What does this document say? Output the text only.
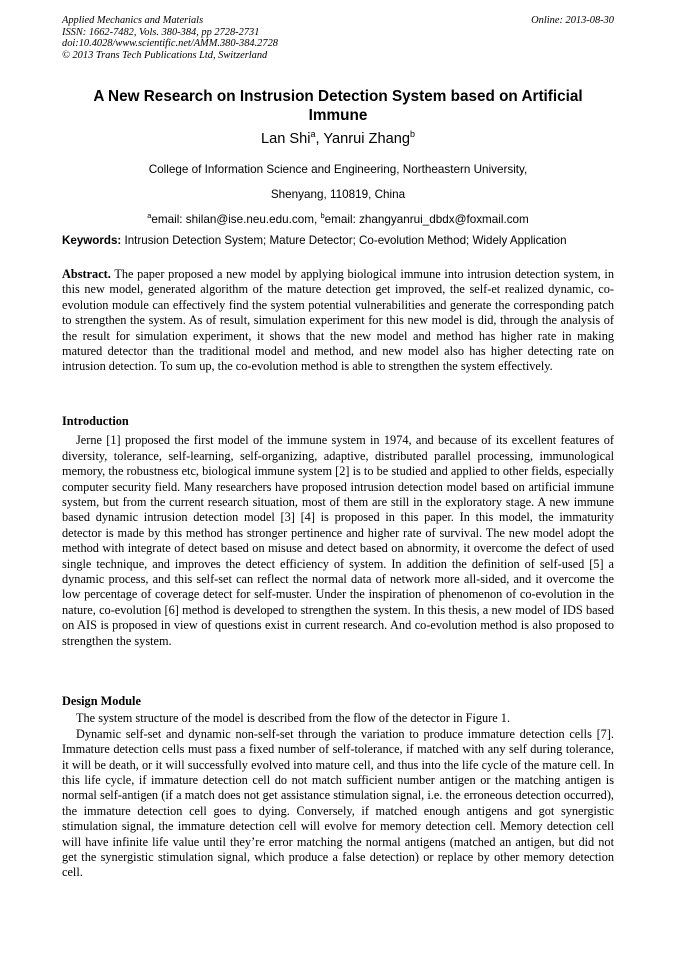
Applied Mechanics and Materials
ISSN: 1662-7482, Vols. 380-384, pp 2728-2731
doi:10.4028/www.scientific.net/AMM.380-384.2728
© 2013 Trans Tech Publications Ltd, Switzerland
Online: 2013-08-30
A New Research on Instrusion Detection System based on Artificial Immune
Lan Shi$^a$, Yanrui Zhang$^b$
College of Information Science and Engineering, Northeastern University,
Shenyang, 110819, China
$^a$email: shilan@ise.neu.edu.com, $^b$email: zhangyanrui_dbdx@foxmail.com
Keywords: Intrusion Detection System; Mature Detector; Co-evolution Method; Widely Application

Abstract. The paper proposed a new model by applying biological immune into intrusion detection system, in this new model, generated algorithm of the mature detection get improved, the self-et realized dynamic, co-evolution module can effectively find the system potential vulnerabilities and generate the corresponding patch to strengthen the system. As of result, simulation experiment for this new model is did, through the analysis of the result for simulation experiment, it shows that the new model and method has higher rate in making matured detector than the traditional model and method, and new model also has higher detecting rate on intrusion detection. To sum up, the co-evolution method is able to strengthen the system effectively.

Introduction

Jerne [1] proposed the first model of the immune system in 1974, and because of its excellent features of diversity, tolerance, self-learning, self-organizing, adaptive, distributed parallel processing, immunological memory, the robustness etc, biological immune system [2] is to be studied and applied to other fields, especially computer security field. Many researchers have proposed intrusion detection model based on artificial immune system, but from the current research situation, most of them are still in the exploratory stage. A new immune based dynamic intrusion detection model [3] [4] is proposed in this paper. In this model, the immaturity detector is made by this method has stronger pertinence and higher rate of survival. The new model adopt the method with integrate of detect based on misuse and detect based on abnormity, it overcome the defect of used single technique, and improves the detect efficiency of system. In addition the definition of self-used [5] a dynamic process, and this self-set can reflect the normal data of network more all-sided, and it overcome the low percentage of coverage detect for self-muster. Under the inspiration of phenomenon of co-evolution in the nature, co-evolution [6] method is developed to strengthen the system. In this thesis, a new model of IDS based on AIS is proposed in view of questions exist in current research. And co-evolution method is also proposed to strengthen the system.

Design Module

The system structure of the model is described from the flow of the detector in Figure 1.

Dynamic self-set and dynamic non-self-set through the variation to produce immature detection cells [7]. Immature detection cells must pass a fixed number of self-tolerance, if matched with any self during tolerance, it will be death, or it will successfully evolved into mature cell, and thus into the life cycle of the mature cell. In this life cycle, if immature detection cell do not match sufficient number antigen or the matching antigen is normal self-antigen (if a match does not get assistance stimulation signal, i.e. the erroneous detection occurred), the immature detection cell goes to dying. Conversely, if matched enough antigens and got synergistic stimulation signal, the immature detection cell will evolve for memory detection cell. Memory detection cell will have infinite life value until they’re error matching the normal antigens (matched an antigen, but did not get the synergistic stimulation signal, which produce a false detection) or replace by other memory detection cell.
